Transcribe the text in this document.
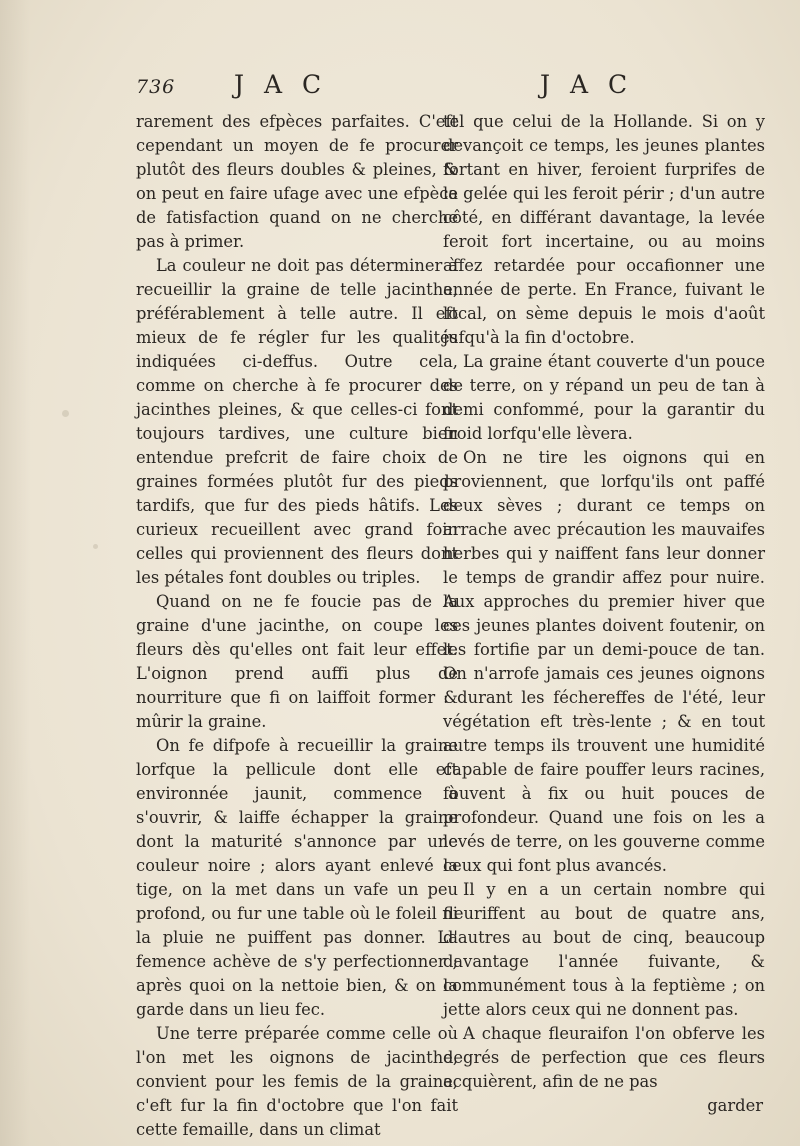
736 J A C	J A C

rarement des efpèces parfaites. C'eft cependant un moyen de fe procurer plutôt des fleurs doubles & pleines, & on peut en faire ufage avec une efpèce de fatisfaction quand on ne cherche pas à primer.

La couleur ne doit pas déterminer à recueillir la graine de telle jacinthe, préférablement à telle autre. Il eft mieux de fe régler fur les qualités indiquées ci-deffus. Outre cela, comme on cherche à fe procurer des jacinthes pleines, & que celles-ci font toujours tardives, une culture bien entendue prefcrit de faire choix de graines formées plutôt fur des pieds tardifs, que fur des pieds hâtifs. Les curieux recueillent avec grand foin celles qui proviennent des fleurs dont les pétales font doubles ou triples.

Quand on ne fe foucie pas de la graine d'une jacinthe, on coupe les fleurs dès qu'elles ont fait leur effet. L'oignon prend auffi plus de nourriture que fi on laiffoit former & mûrir la graine.

On fe difpofe à recueillir la graine lorfque la pellicule dont elle eft environnée jaunit, commence à s'ouvrir, & laiffe échapper la graine dont la maturité s'annonce par une couleur noire ; alors ayant enlevé la tige, on la met dans un vafe un peu profond, ou fur une table où le foleil ni la pluie ne puiffent pas donner. La femence achève de s'y perfectionner ; après quoi on la nettoie bien, & on la garde dans un lieu fec.

Une terre préparée comme celle où l'on met les oignons de jacinthe, convient pour les femis de la graine, c'eft fur la fin d'octobre que l'on fait cette femaille, dans un climat

tel que celui de la Hollande. Si on y devançoit ce temps, les jeunes plantes fortant en hiver, feroient furprifes de la gelée qui les feroit périr ; d'un autre côté, en différant davantage, la levée feroit fort incertaine, ou au moins affez retardée pour occafionner une année de perte. En France, fuivant le local, on sème depuis le mois d'août jufqu'à la fin d'octobre.

La graine étant couverte d'un pouce de terre, on y répand un peu de tan à demi confommé, pour la garantir du froid lorfqu'elle lèvera.

On ne tire les oignons qui en proviennent, que lorfqu'ils ont paffé deux sèves ; durant ce temps on arrache avec précaution les mauvaifes herbes qui y naiffent fans leur donner le temps de grandir affez pour nuire. Aux approches du premier hiver que ces jeunes plantes doivent foutenir, on les fortifie par un demi-pouce de tan. On n'arrofe jamais ces jeunes oignons : durant les féchereffes de l'été, leur végétation eft très-lente ; & en tout autre temps ils trouvent une humidité capable de faire pouffer leurs racines, fouvent à fix ou huit pouces de profondeur. Quand une fois on les a levés de terre, on les gouverne comme ceux qui font plus avancés.

Il y en a un certain nombre qui fleuriffent au bout de quatre ans, d'autres au bout de cinq, beaucoup davantage l'année fuivante, & communément tous à la feptième ; on jette alors ceux qui ne donnent pas.

A chaque fleuraifon l'on obferve les degrés de perfection que ces fleurs acquièrent, afin de ne pas

garder
